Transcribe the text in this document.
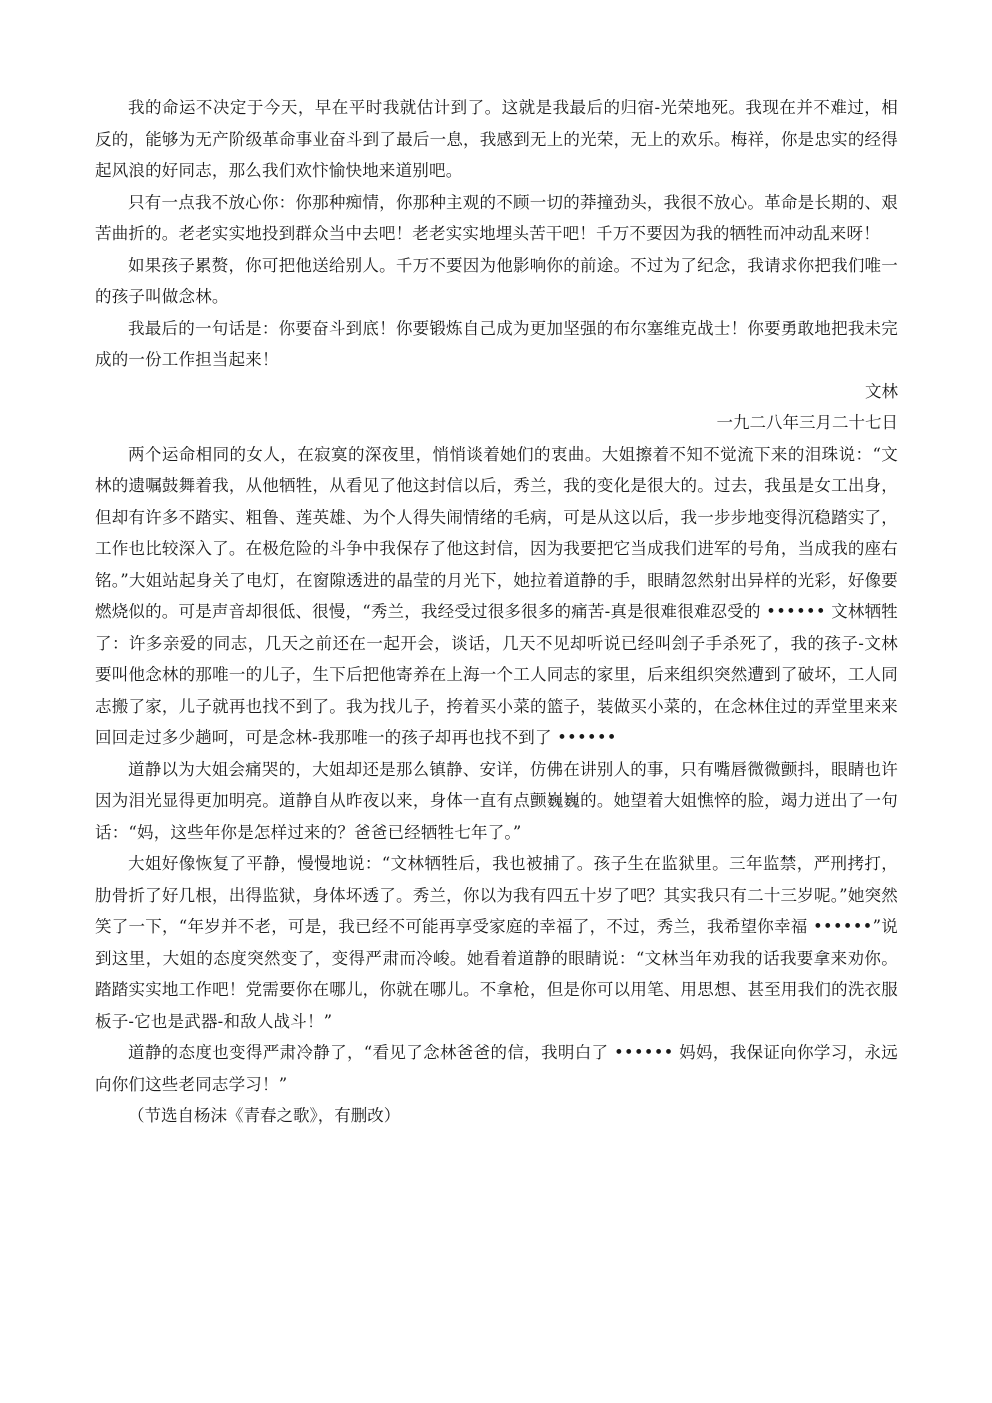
我的命运不决定于今天，早在平时我就估计到了。这就是我最后的归宿-光荣地死。我现在并不难过，相反的，能够为无产阶级革命事业奋斗到了最后一息，我感到无上的光荣，无上的欢乐。梅祥，你是忠实的经得起风浪的好同志，那么我们欢忭愉快地来道别吧。

只有一点我不放心你：你那种痴情，你那种主观的不顾一切的莽撞劲头，我很不放心。革命是长期的、艰苦曲折的。老老实实地投到群众当中去吧！老老实实地埋头苦干吧！千万不要因为我的牺牲而冲动乱来呀！

如果孩子累赘，你可把他送给别人。千万不要因为他影响你的前途。不过为了纪念，我请求你把我们唯一的孩子叫做念林。

我最后的一句话是：你要奋斗到底！你要锻炼自己成为更加坚强的布尔塞维克战士！你要勇敢地把我未完成的一份工作担当起来！

文林

一九二八年三月二十七日

两个运命相同的女人，在寂寞的深夜里，悄悄谈着她们的衷曲。大姐擦着不知不觉流下来的泪珠说：“文林的遗嘱鼓舞着我，从他牺牲，从看见了他这封信以后，秀兰，我的变化是很大的。过去，我虽是女工出身，但却有许多不踏实、粗鲁、莲英雄、为个人得失闹情绪的毛病，可是从这以后，我一步步地变得沉稳踏实了，工作也比较深入了。在极危险的斗争中我保存了他这封信，因为我要把它当成我们进军的号角，当成我的座右铭。”大姐站起身关了电灯，在窗隙透进的晶莹的月光下，她拉着道静的手，眼睛忽然射出异样的光彩，好像要燃烧似的。可是声音却很低、很慢，“秀兰，我经受过很多很多的痛苦-真是很难很难忍受的 •••••• 文林牺牲了：许多亲爱的同志，几天之前还在一起开会，谈话，几天不见却听说已经叫刽子手杀死了，我的孩子-文林要叫他念林的那唯一的儿子，生下后把他寄养在上海一个工人同志的家里，后来组织突然遭到了破坏，工人同志搬了家，儿子就再也找不到了。我为找儿子，挎着买小菜的篮子，装做买小菜的，在念林住过的弄堂里来来回回走过多少趟呵，可是念林-我那唯一的孩子却再也找不到了 ••••••

道静以为大姐会痛哭的，大姐却还是那么镇静、安详，仿佛在讲别人的事，只有嘴唇微微颤抖，眼睛也许因为泪光显得更加明亮。道静自从昨夜以来，身体一直有点颤巍巍的。她望着大姐憔悴的脸，竭力迸出了一句话：“妈，这些年你是怎样过来的？爸爸已经牺牲七年了。”

大姐好像恢复了平静，慢慢地说：“文林牺牲后，我也被捕了。孩子生在监狱里。三年监禁，严刑拷打，肋骨折了好几根，出得监狱，身体坏透了。秀兰，你以为我有四五十岁了吧？其实我只有二十三岁呢。”她突然笑了一下，“年岁并不老，可是，我已经不可能再享受家庭的幸福了，不过，秀兰，我希望你幸福 ••••••”说到这里，大姐的态度突然变了，变得严肃而冷峻。她看着道静的眼睛说：“文林当年劝我的话我要拿来劝你。踏踏实实地工作吧！党需要你在哪儿，你就在哪儿。不拿枪，但是你可以用笔、用思想、甚至用我们的洗衣服板子-它也是武器-和敌人战斗！”

道静的态度也变得严肃冷静了，“看见了念林爸爸的信，我明白了 •••••• 妈妈，我保证向你学习，永远向你们这些老同志学习！”

（节选自杨沫《青春之歌》，有删改）
